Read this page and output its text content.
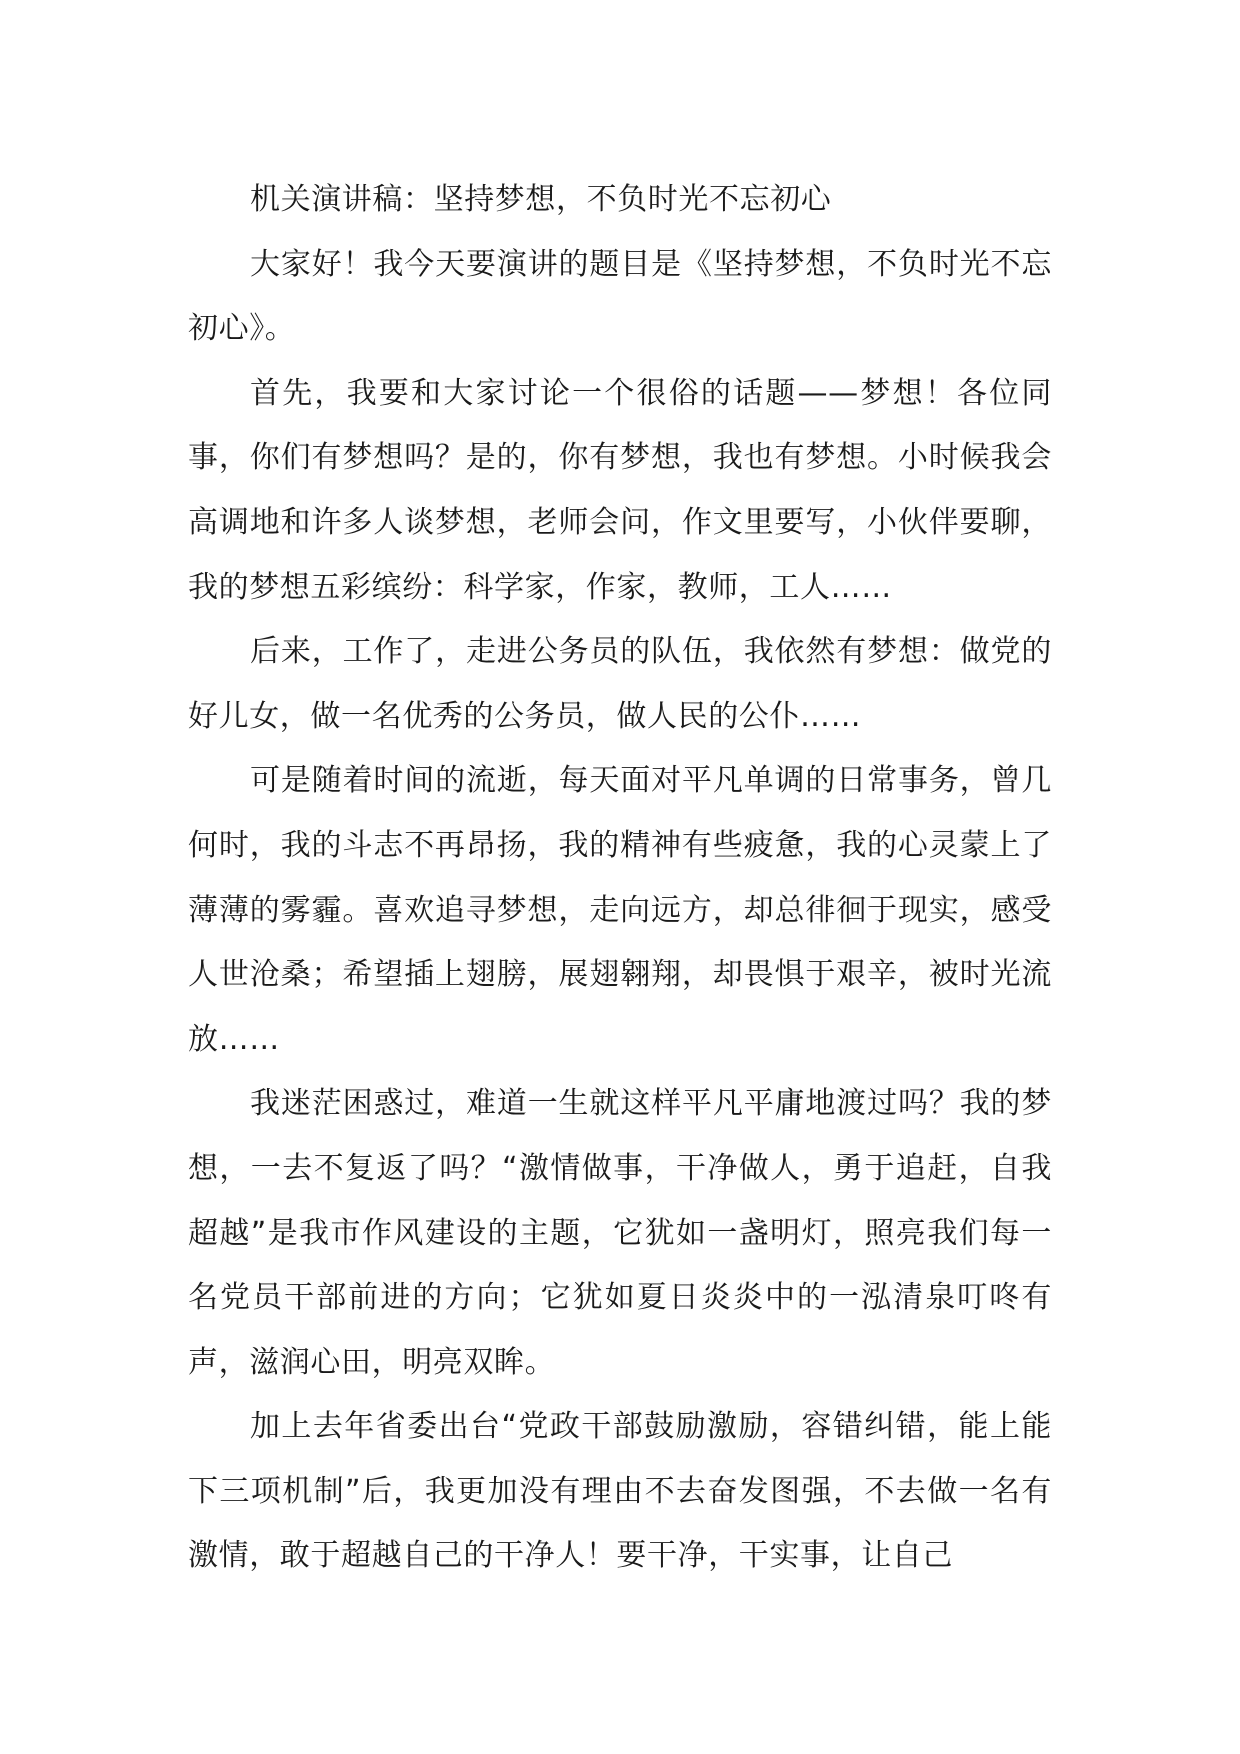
机关演讲稿：坚持梦想，不负时光不忘初心

大家好！我今天要演讲的题目是《坚持梦想，不负时光不忘初心》。

首先，我要和大家讨论一个很俗的话题——梦想！各位同事，你们有梦想吗？是的，你有梦想，我也有梦想。小时候我会高调地和许多人谈梦想，老师会问，作文里要写，小伙伴要聊，我的梦想五彩缤纷：科学家，作家，教师，工人……

后来，工作了，走进公务员的队伍，我依然有梦想：做党的好儿女，做一名优秀的公务员，做人民的公仆……

可是随着时间的流逝，每天面对平凡单调的日常事务，曾几何时，我的斗志不再昂扬，我的精神有些疲惫，我的心灵蒙上了薄薄的雾霾。喜欢追寻梦想，走向远方，却总徘徊于现实，感受人世沧桑；希望插上翅膀，展翅翱翔，却畏惧于艰辛，被时光流放……

我迷茫困惑过，难道一生就这样平凡平庸地渡过吗？我的梦想，一去不复返了吗？“激情做事，干净做人，勇于追赶，自我超越”是我市作风建设的主题，它犹如一盏明灯，照亮我们每一名党员干部前进的方向；它犹如夏日炎炎中的一泓清泉叮咚有声，滋润心田，明亮双眸。

加上去年省委出台“党政干部鼓励激励，容错纠错，能上能下三项机制”后，我更加没有理由不去奋发图强，不去做一名有激情，敢于超越自己的干净人！要干净，干实事，让自己
